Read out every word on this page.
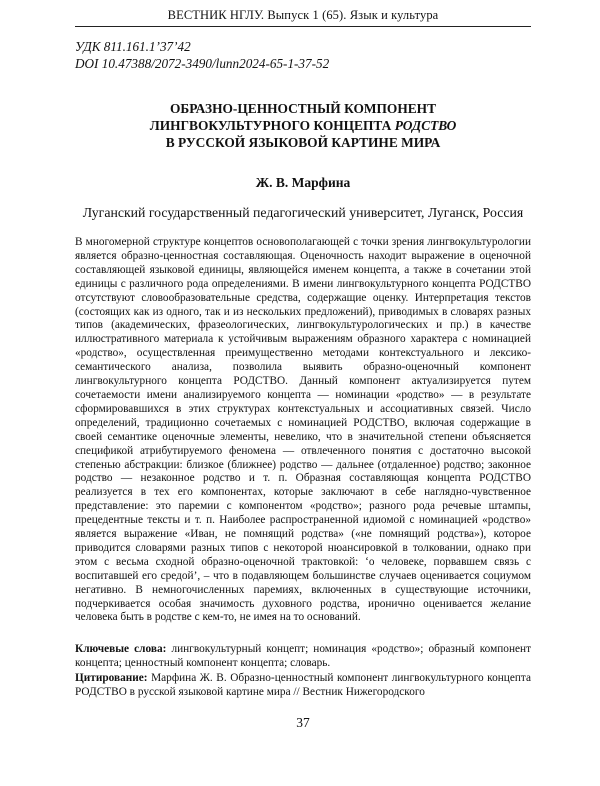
ВЕСТНИК НГЛУ. Выпуск 1 (65). Язык и культура
УДК 811.161.1’37’42
DOI 10.47388/2072-3490/lunn2024-65-1-37-52
ОБРАЗНО-ЦЕННОСТНЫЙ КОМПОНЕНТ
ЛИНГВОКУЛЬТУРНОГО КОНЦЕПТА РОДСТВО
В РУССКОЙ ЯЗЫКОВОЙ КАРТИНЕ МИРА
Ж. В. Марфина
Луганский государственный педагогический университет, Луганск, Россия

В многомерной структуре концептов основополагающей с точки зрения лингвокультурологии является образно-ценностная составляющая. Оценочность находит выражение в оценочной составляющей языковой единицы, являющейся именем концепта, а также в сочетании этой единицы с различного рода определениями. В имени лингвокультурного концепта РОДСТВО отсутствуют словообразовательные средства, содержащие оценку. Интерпретация текстов (состоящих как из одного, так и из нескольких предложений), приводимых в словарях разных типов (академических, фразеологических, лингвокультурологических и пр.) в качестве иллюстративного материала к устойчивым выражениям образного характера с номинацией «родство», осуществленная преимущественно методами контекстуального и лексико-семантического анализа, позволила выявить образно-оценочный компонент лингвокультурного концепта РОДСТВО. Данный компонент актуализируется путем сочетаемости имени анализируемого концепта — номинации «родство» — в результате сформировавшихся в этих структурах контекстуальных и ассоциативных связей. Число определений, традиционно сочетаемых с номинацией РОДСТВО, включая содержащие в своей семантике оценочные элементы, невелико, что в значительной степени объясняется спецификой атрибутируемого феномена — отвлеченного понятия с достаточно высокой степенью абстракции: близкое (ближнее) родство — дальнее (отдаленное) родство; законное родство — незаконное родство и т. п. Образная составляющая концепта РОДСТВО реализуется в тех его компонентах, которые заключают в себе наглядно-чувственное представление: это паремии с компонентом «родство»; разного рода речевые штампы, прецедентные тексты и т. п. Наиболее распространенной идиомой с номинацией «родство» является выражение «Иван, не помнящий родства» («не помнящий родства»), которое приводится словарями разных типов с некоторой нюансировкой в толковании, однако при этом с весьма сходной образно-оценочной трактовкой: ‘о человеке, порвавшем связь с воспитавшей его средой’, – что в подавляющем большинстве случаев оценивается социумом негативно. В немногочисленных паремиях, включенных в существующие источники, подчеркивается особая значимость духовного родства, иронично оценивается желание человека быть в родстве с кем-то, не имея на то оснований.

Ключевые слова: лингвокультурный концепт; номинация «родство»; образный компонент концепта; ценностный компонент концепта; словарь.
Цитирование: Марфина Ж. В. Образно-ценностный компонент лингвокультурного концепта РОДСТВО в русской языковой картине мира // Вестник Нижегородского
37
